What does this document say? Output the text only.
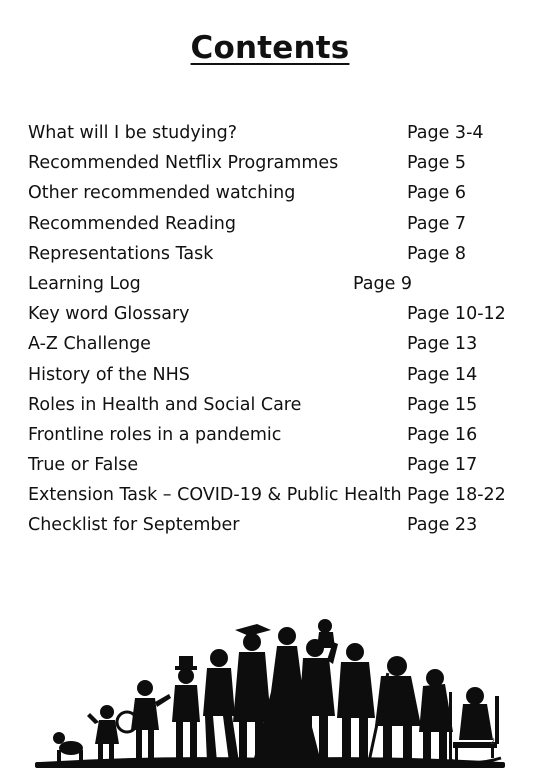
Contents
What will I be studying?	Page 3-4
Recommended Netflix Programmes	Page 5
Other recommended watching	Page 6
Recommended Reading	Page 7
Representations Task	Page 8
Learning Log	Page 9
Key word Glossary	Page 10-12
A-Z Challenge	Page 13
History of the NHS	Page 14
Roles in Health and Social Care	Page 15
Frontline roles in a pandemic	Page 16
True or False	Page 17
Extension Task – COVID-19 & Public Health Page 18-22
Checklist for September	Page 23
2
